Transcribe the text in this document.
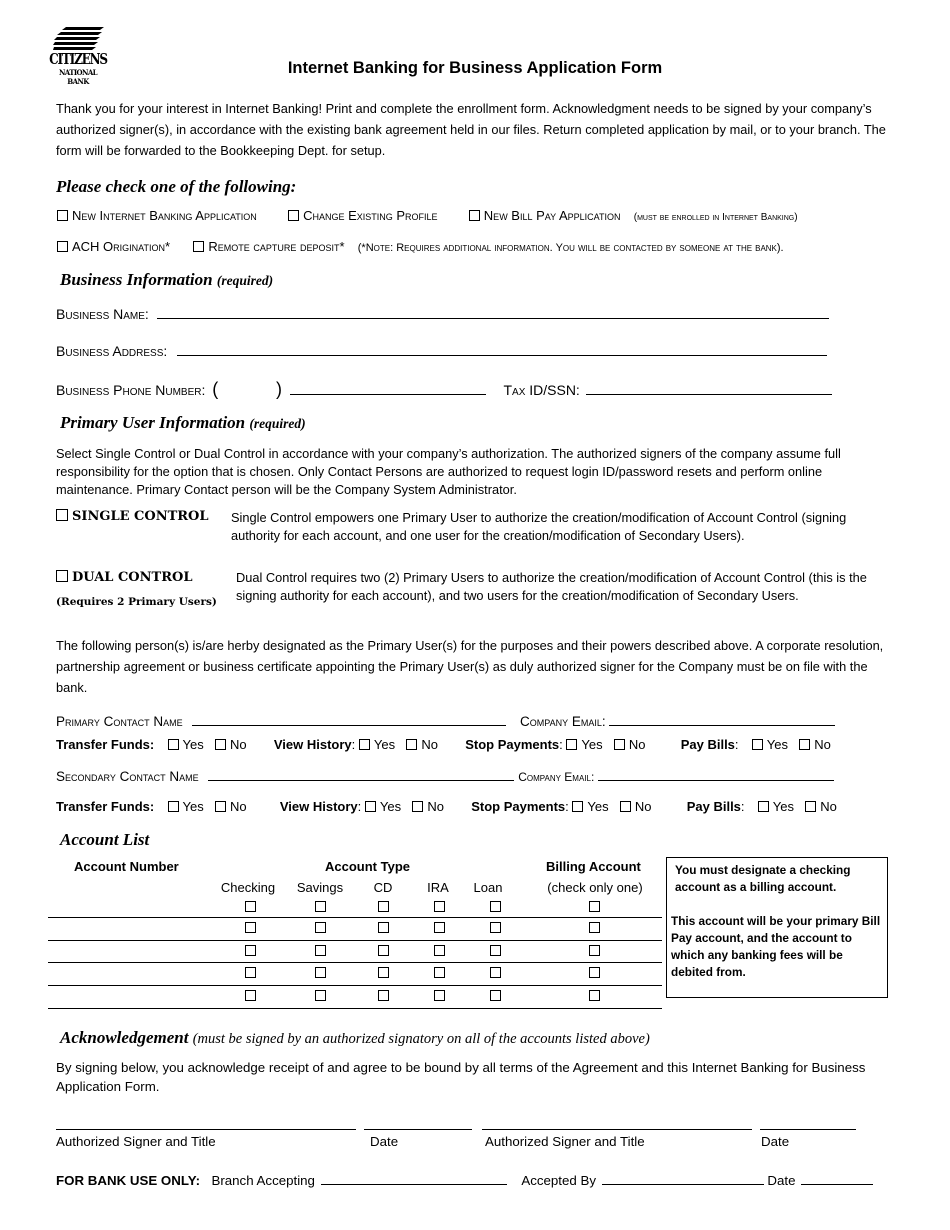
CITIZENS
NATIONAL BANK
Internet Banking for Business Application Form

Thank you for your interest in Internet Banking! Print and complete the enrollment form. Acknowledgment needs to be signed by your company’s authorized signer(s), in accordance with the existing bank agreement held in our files. Return completed application by mail, or to your branch. The form will be forwarded to the Bookkeeping Dept. for setup.

Please check one of the following:
New Internet Banking Application	Change Existing Profile	New Bill Pay Application (must be enrolled in Internet Banking)
ACH Origination*	Remote capture deposit* (*Note: Requires additional information. You will be contacted by someone at the bank).
Business Information (required)
Business Name:
Business Address:
Business Phone Number: (	)	Tax ID/SSN:
Primary User Information (required)

Select Single Control or Dual Control in accordance with your company’s authorization. The authorized signers of the company assume full responsibility for the option that is chosen. Only Contact Persons are authorized to request login ID/password resets and perform online maintenance. Primary Contact person will be the Company System Administrator.

SINGLE CONTROL Single Control empowers one Primary User to authorize the creation/modification of Account Control (signing authority for each account, and one user for the creation/modification of Secondary Users).

DUAL CONTROL
(Requires 2 Primary Users)

Dual Control requires two (2) Primary Users to authorize the creation/modification of Account Control (this is the signing authority for each account), and two users for the creation/modification of Secondary Users.

The following person(s) is/are herby designated as the Primary User(s) for the purposes and their powers described above. A corporate resolution, partnership agreement or business certificate appointing the Primary User(s) as duly authorized signer for the Company must be on file with the bank.

Primary Contact Name	Company Email:
Transfer Funds: Yes No View History: Yes No Stop Payments: Yes No	Pay Bills:  Yes No
Secondary Contact Name	Company Email:
Transfer Funds: Yes No	View History: Yes No Stop Payments: Yes No	Pay Bills:  Yes No
Account List
Account Number	Account Type	Billing Account
Checking	Savings	CD	IRA	Loan	(check only one)

You must designate a checking account as a billing account.

This account will be your primary Bill Pay account, and the account to which any banking fees will be debited from.

Acknowledgement (must be signed by an authorized signatory on all of the accounts listed above)

By signing below, you acknowledge receipt of and agree to be bound by all terms of the Agreement and this Internet Banking for Business Application Form.

Authorized Signer and Title	Date	Authorized Signer and Title	Date
FOR BANK USE ONLY: Branch Accepting	Accepted By	Date
